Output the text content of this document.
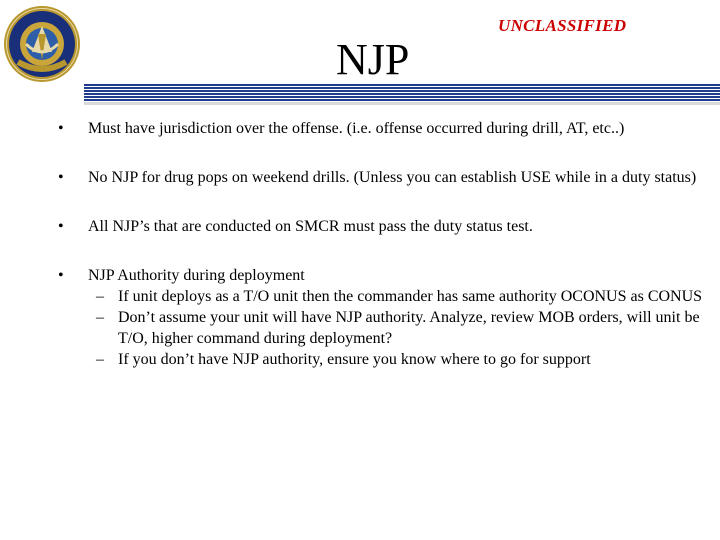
NJP
UNCLASSIFIED
• Must have jurisdiction over the offense. (i.e. offense occurred during drill, AT, etc..)
• No NJP for drug pops on weekend drills. (Unless you can establish USE while in a duty status)
• All NJP’s that are conducted on SMCR must pass the duty status test.
• NJP Authority during deployment
– If unit deploys as a T/O unit then the commander has same authority OCONUS as CONUS
– Don’t assume your unit will have NJP authority. Analyze, review MOB orders, will unit be T/O, higher command during deployment?
– If you don’t have NJP authority, ensure you know where to go for support
